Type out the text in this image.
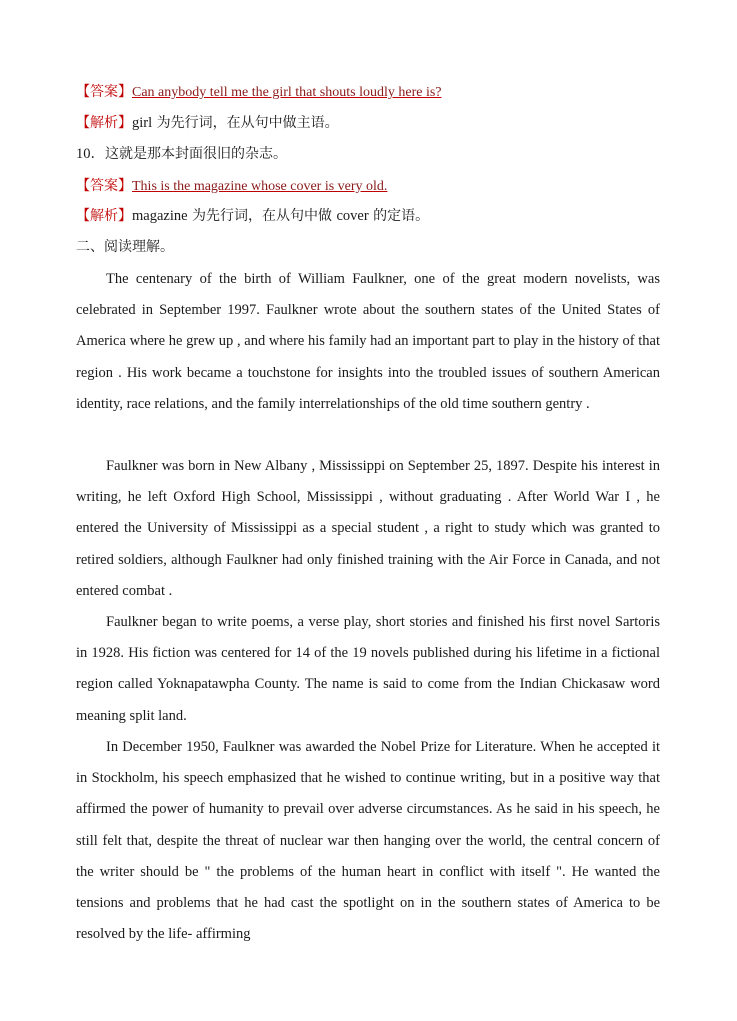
【答案】Can anybody tell me the girl that shouts loudly here is?
【解析】girl 为先行词，在从句中做主语。
10．这就是那本封面很旧的杂志。
【答案】This is the magazine whose cover is very old.
【解析】magazine 为先行词，在从句中做 cover 的定语。
二、阅读理解。

The centenary of the birth of William Faulkner, one of the great modern novelists, was celebrated in September 1997. Faulkner wrote about the southern states of the United States of America where he grew up , and where his family had an important part to play in the history of that region . His work became a touchstone for insights into the troubled issues of southern American identity, race relations, and the family interrelationships of the old time southern gentry .

Faulkner was born in New Albany , Mississippi on September 25, 1897. Despite his interest in writing, he left Oxford High School, Mississippi , without graduating . After World War I , he entered the University of Mississippi as a special student , a right to study which was granted to retired soldiers, although Faulkner had only finished training with the Air Force in Canada, and not entered combat .

Faulkner began to write poems, a verse play, short stories and finished his first novel Sartoris in 1928. His fiction was centered for 14 of the 19 novels published during his lifetime in a fictional region called Yoknapatawpha County. The name is said to come from the Indian Chickasaw word meaning split land.

In December 1950, Faulkner was awarded the Nobel Prize for Literature. When he accepted it in Stockholm, his speech emphasized that he wished to continue writing, but in a positive way that affirmed the power of humanity to prevail over adverse circumstances. As he said in his speech, he still felt that, despite the threat of nuclear war then hanging over the world, the central concern of the writer should be " the problems of the human heart in conflict with itself ". He wanted the tensions and problems that he had cast the spotlight on in the southern states of America to be resolved by the life- affirming
